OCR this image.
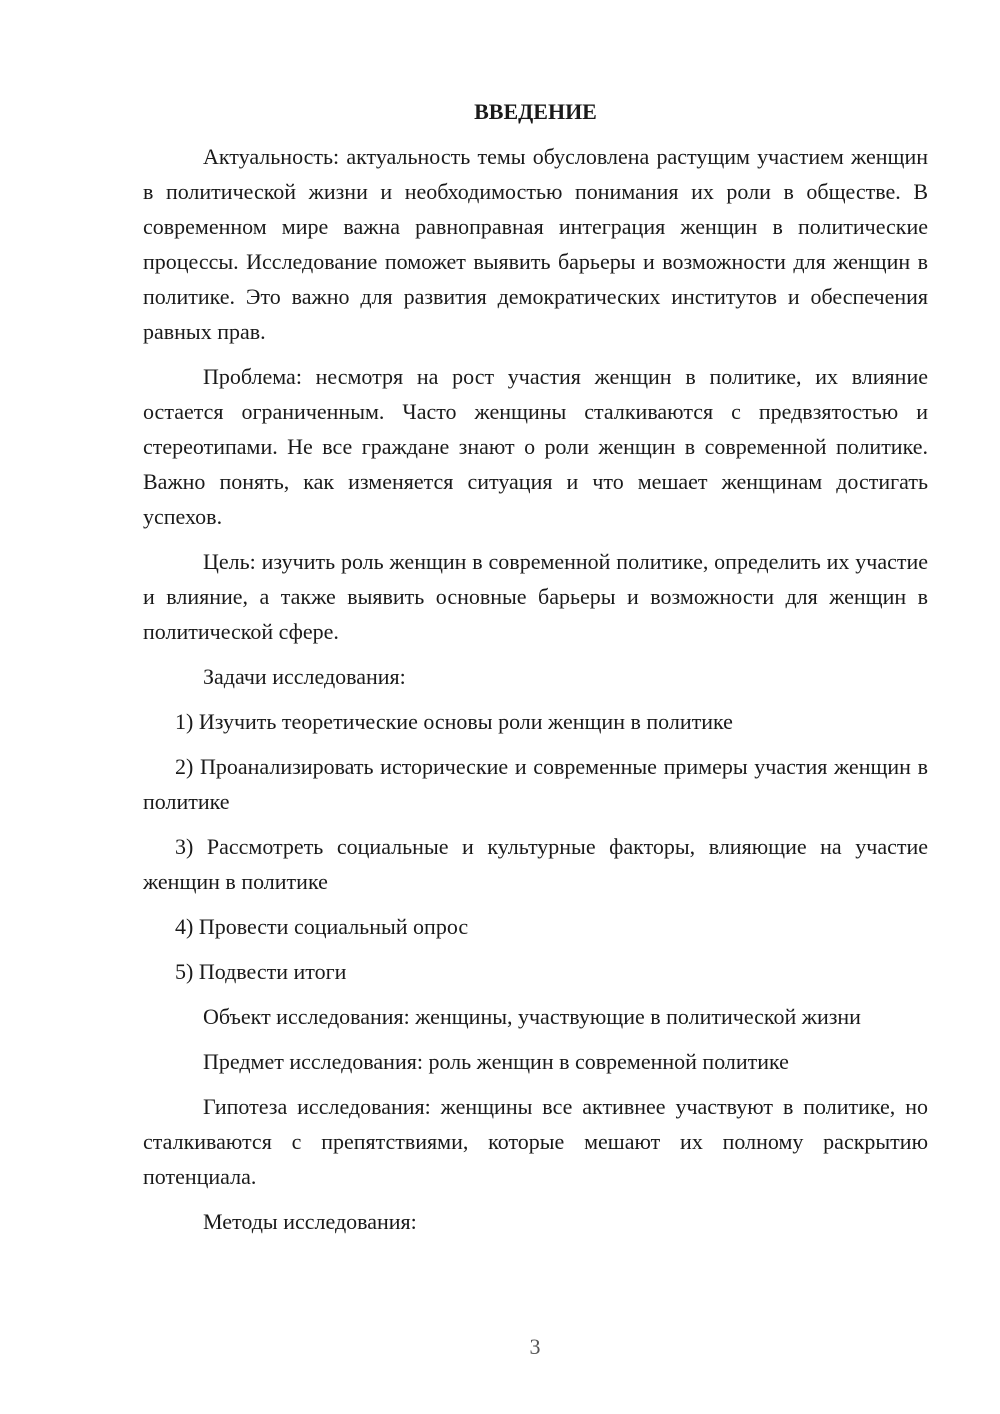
ВВЕДЕНИЕ

Актуальность: актуальность темы обусловлена растущим участием женщин в политической жизни и необходимостью понимания их роли в обществе. В современном мире важна равноправная интеграция женщин в политические процессы. Исследование поможет выявить барьеры и возможности для женщин в политике. Это важно для развития демократических институтов и обеспечения равных прав.

Проблема: несмотря на рост участия женщин в политике, их влияние остается ограниченным. Часто женщины сталкиваются с предвзятостью и стереотипами. Не все граждане знают о роли женщин в современной политике. Важно понять, как изменяется ситуация и что мешает женщинам достигать успехов.

Цель: изучить роль женщин в современной политике, определить их участие и влияние, а также выявить основные барьеры и возможности для женщин в политической сфере.

Задачи исследования:

1) Изучить теоретические основы роли женщин в политике

2) Проанализировать исторические и современные примеры участия женщин в политике

3) Рассмотреть социальные и культурные факторы, влияющие на участие женщин в политике

4) Провести социальный опрос

5) Подвести итоги

Объект исследования: женщины, участвующие в политической жизни

Предмет исследования: роль женщин в современной политике

Гипотеза исследования: женщины все активнее участвуют в политике, но сталкиваются с препятствиями, которые мешают их полному раскрытию потенциала.

Методы исследования:

3
